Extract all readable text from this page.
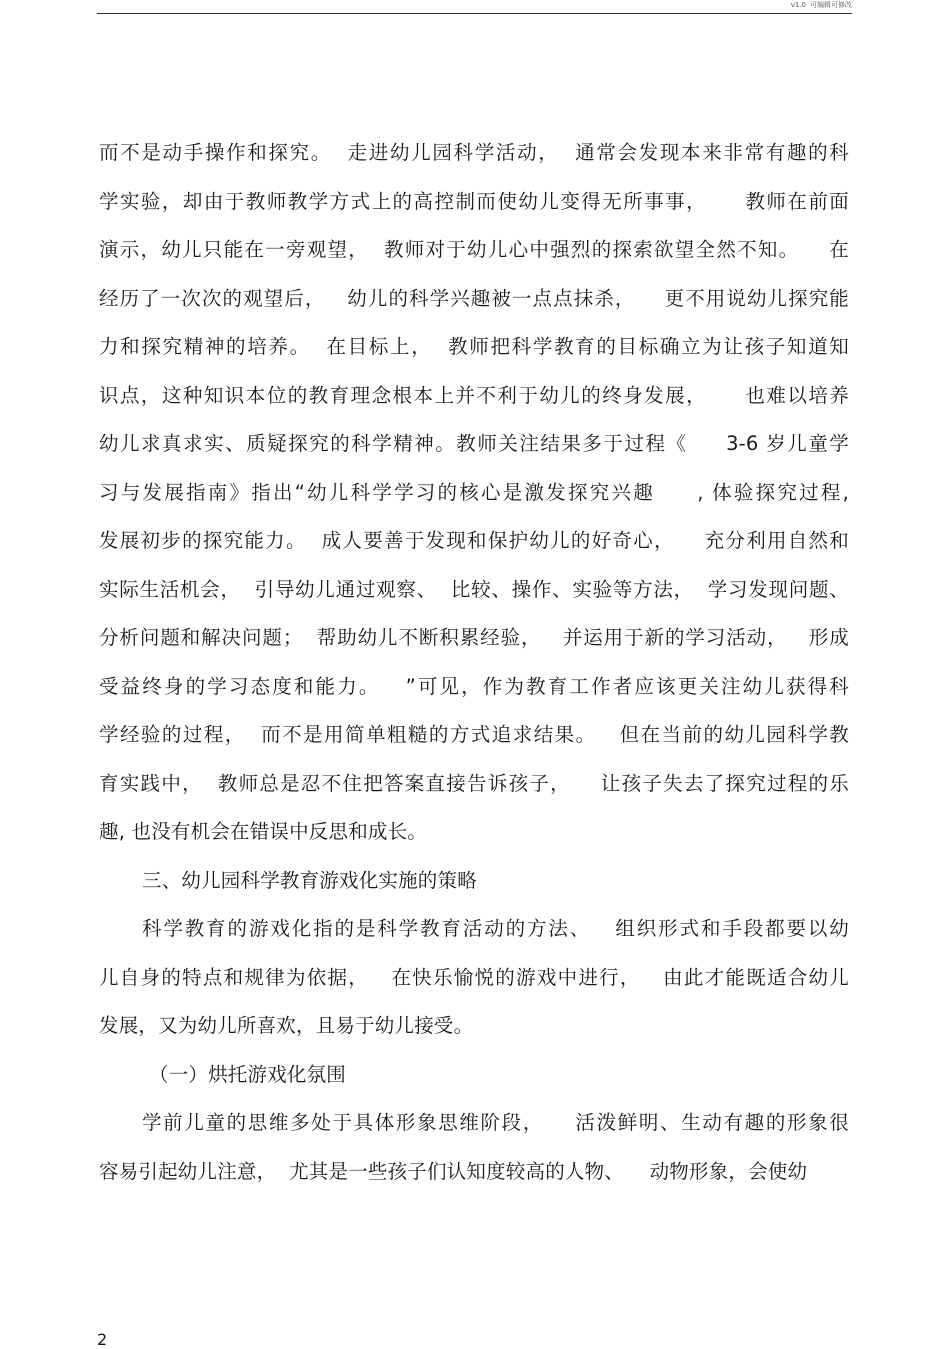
v1.0 可编辑可修改
而不是动手操作和探究。  走进幼儿园科学活动，  通常会发现本来非常有趣的科
学实验，却由于教师教学方式上的高控制而使幼儿变得无所事事，     教师在前面
演示，幼儿只能在一旁观望，  教师对于幼儿心中强烈的探索欲望全然不知。    在
经历了一次次的观望后，   幼儿的科学兴趣被一点点抹杀，    更不用说幼儿探究能
力和探究精神的培养。  在目标上，  教师把科学教育的目标确立为让孩子知道知
识点，这种知识本位的教育理念根本上并不利于幼儿的终身发展，     也难以培养
幼儿求真求实、质疑探究的科学精神。教师关注结果多于过程《     3-6 岁儿童学
习与发展指南》指出“幼儿科学学习的核心是激发探究兴趣     , 体验探究过程,
发展初步的探究能力。  成人要善于发现和保护幼儿的好奇心，    充分利用自然和
实际生活机会，  引导幼儿通过观察、  比较、操作、实验等方法，  学习发现问题、
分析问题和解决问题；  帮助幼儿不断积累经验，   并运用于新的学习活动，   形成
受益终身的学习态度和能力。   ”可见，作为教育工作者应该更关注幼儿获得科
学经验的过程，  而不是用简单粗糙的方式追求结果。   但在当前的幼儿园科学教
育实践中，  教师总是忍不住把答案直接告诉孩子，    让孩子失去了探究过程的乐
趣, 也没有机会在错误中反思和成长。
三、幼儿园科学教育游戏化实施的策略
科学教育的游戏化指的是科学教育活动的方法、   组织形式和手段都要以幼
儿自身的特点和规律为依据，   在快乐愉悦的游戏中进行，   由此才能既适合幼儿
发展，又为幼儿所喜欢，且易于幼儿接受。
（一）烘托游戏化氛围
学前儿童的思维多处于具体形象思维阶段，    活泼鲜明、生动有趣的形象很
容易引起幼儿注意，  尤其是一些孩子们认知度较高的人物、    动物形象，会使幼
2
